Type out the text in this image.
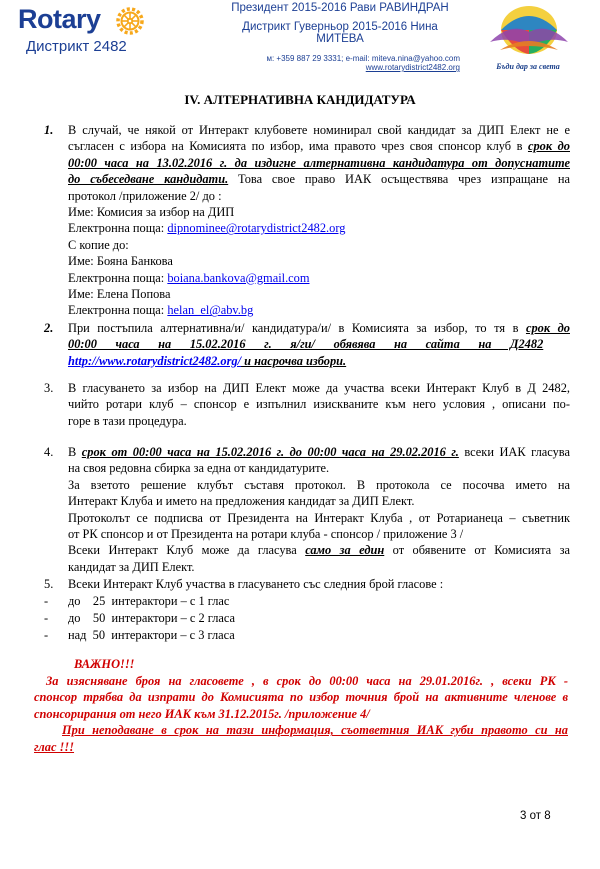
Rotary
Дистрикт 2482
Президент 2015-2016 Рави РАВИНДРАН
Дистрикт Гуверньор 2015-2016 Нина МИТЕВА
м: +359 887 29 3331; e-mail: miteva.nina@yahoo.com
www.rotarydistrict2482.org	Бъди дар за света
IV. АЛТЕРНАТИВНА КАНДИДАТУРА
1.	В случай, че някой от Интеракт клубовете номинирал свой кандидат за ДИП Елект не е
съгласен с избора на Комисията по избор, има правото чрез своя спонсор клуб в срок до
00:00 часа на 13.02.2016 г. да издигне алтернативна кандидатура от допуснатите
до събеседване кандидати. Това свое право ИАК осъществява чрез изпращане на
протокол /приложение 2/ до :
Име: Комисия за избор на ДИП
Електронна поща: dipnominee@rotarydistrict2482.org
С копие до:
Име: Бояна Банкова
Електронна поща: boiana.bankova@gmail.com
Име: Елена Попова
Електронна поща: helan_el@abv.bg
2.	При постъпила алтернативна/и/ кандидатура/и/ в Комисията за избор, то тя в срок до
00:00      часа      на      15.02.2016      г.      я/ги/      обявява      на      сайта      на      Д2482
http://www.rotarydistrict2482.org/ и насрочва избори.
3.	В гласуването за избор на ДИП Елект може да участва всеки Интеракт Клуб в Д 2482,
чийто ротари клуб – спонсор е изпълнил изискваните към него условия , описани по-
горе в тази процедура.
4.	В срок от 00:00 часа на 15.02.2016 г. до 00:00 часа на 29.02.2016 г. всеки ИАК гласува
на своя редовна сбирка за една от кандидатурите.
За взетото решение клубът съставя протокол. В протокола се посочва името на
Интеракт Клуба и името на предложения кандидат за ДИП Елект.
Протоколът се подписва от Президента на Интеракт Клуба , от Ротарианеца – съветник
от РК спонсор и от Президента на ротари клуба - спонсор / приложение 3 /
Всеки Интеракт Клуб може да гласува само за един от обявените от Комисията за
кандидат за ДИП Елект.
5.	Всеки Интеракт Клуб участва в гласуването със следния брой гласове :
- до    25  интерактори – с 1 глас
- до    50  интерактори – с 2 гласа
- над  50  интерактори – с 3 гласа
ВАЖНО!!!
За изясняване броя на гласовете , в срок до 00:00 часа на 29.01.2016г. , всеки РК -
спонсор трябва да изпрати до Комисията по избор точния брой на активните членове в
спонсорирания от него ИАК към 31.12.2015г. /приложение 4/
При неподаване в срок на тази информация, съответния ИАК губи правото си на
глас !!!
3 от 8
